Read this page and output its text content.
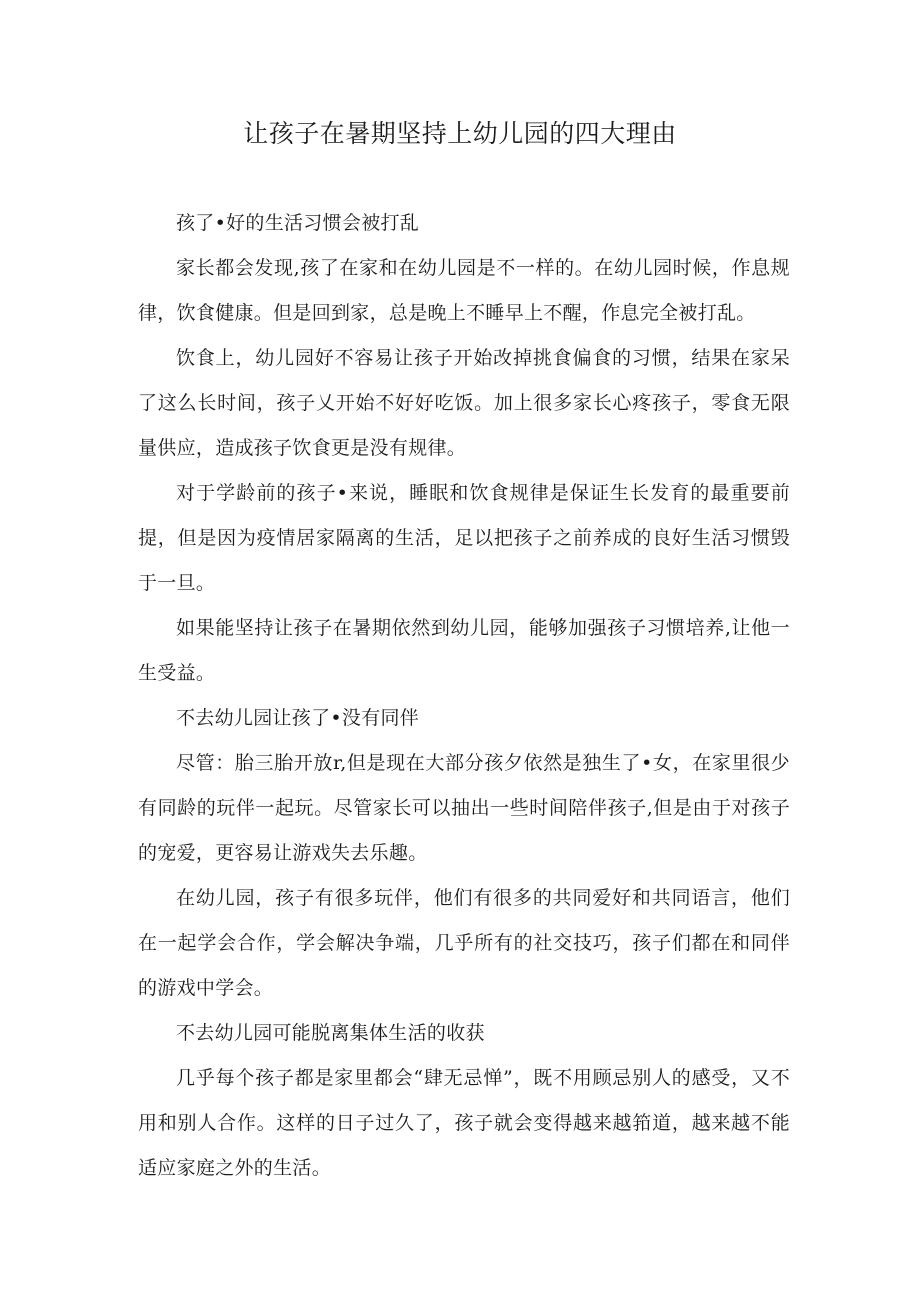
让孩子在暑期坚持上幼儿园的四大理由

孩了•好的生活习惯会被打乱

家长都会发现,孩了在家和在幼儿园是不一样的。在幼儿园时候，作息规律，饮食健康。但是回到家，总是晚上不睡早上不醒，作息完全被打乱。

饮食上，幼儿园好不容易让孩子开始改掉挑食偏食的习惯，结果在家呆了这么长时间，孩子乂开始不好好吃饭。加上很多家长心疼孩子，零食无限量供应，造成孩子饮食更是没有规律。

对于学龄前的孩子•来说，睡眠和饮食规律是保证生长发育的最重要前提，但是因为疫情居家隔离的生活，足以把孩子之前养成的良好生活习惯毁于一旦。

如果能坚持让孩子在暑期依然到幼儿园，能够加强孩子习惯培养,让他一生受益。

不去幼儿园让孩了•没有同伴

尽管：胎三胎开放r,但是现在大部分孩夕依然是独生了•女，在家里很少有同龄的玩伴一起玩。尽管家长可以抽出一些时间陪伴孩子,但是由于对孩子的宠爱，更容易让游戏失去乐趣。

在幼儿园，孩子有很多玩伴，他们有很多的共同爱好和共同语言，他们在一起学会合作，学会解决争端，几乎所有的社交技巧，孩子们都在和同伴的游戏中学会。

不去幼儿园可能脱离集体生活的收获

几乎每个孩子都是家里都会“肆无忌惮”，既不用顾忌别人的感受，又不用和别人合作。这样的日子过久了，孩子就会变得越来越筘道，越来越不能适应家庭之外的生活。
